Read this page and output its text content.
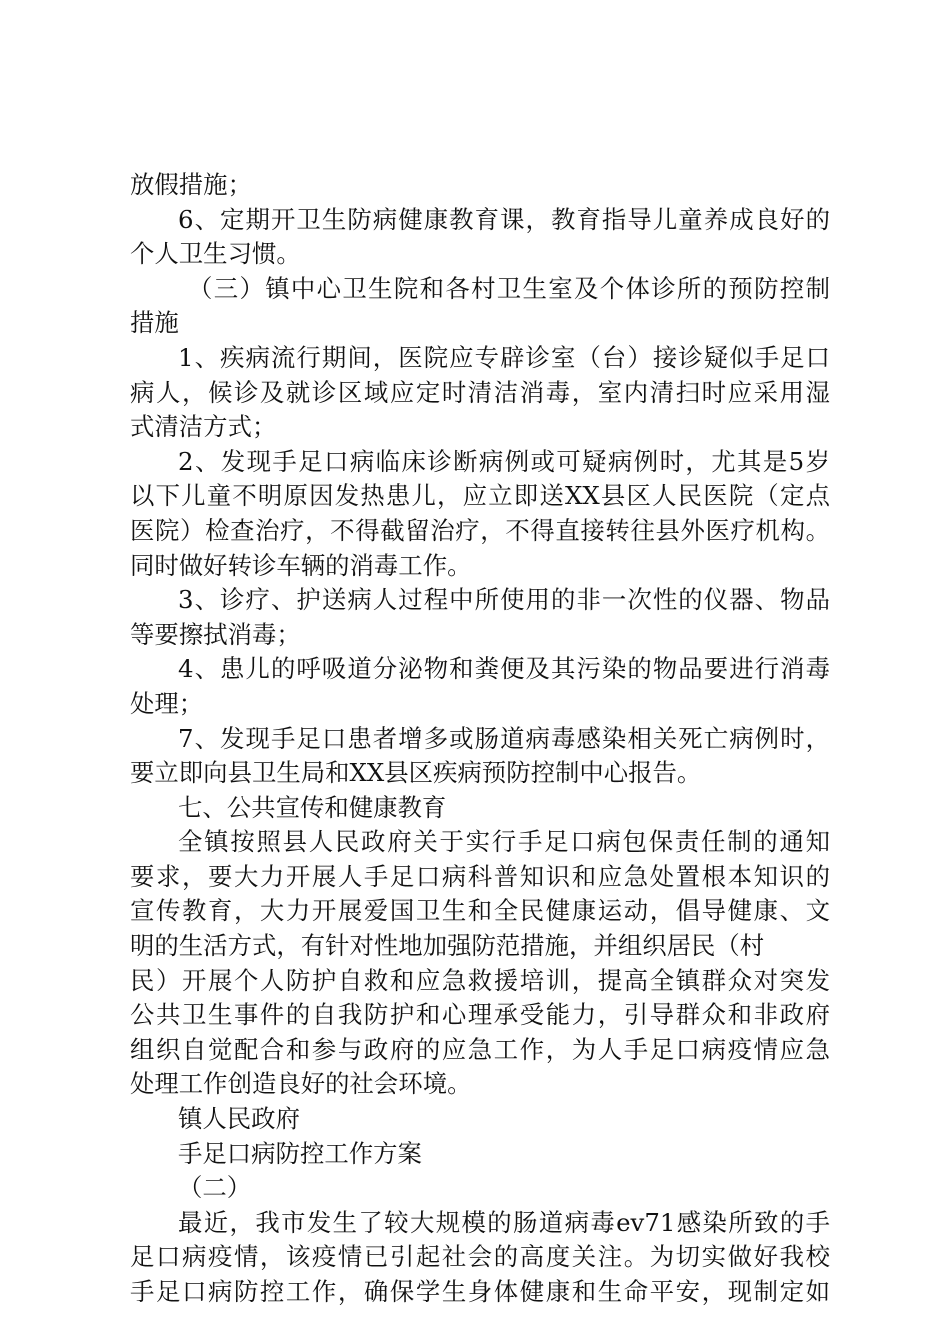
放假措施；
6、定期开卫生防病健康教育课，教育指导儿童养成良好的
个人卫生习惯。
（三）镇中心卫生院和各村卫生室及个体诊所的预防控制
措施
1、疾病流行期间，医院应专辟诊室（台）接诊疑似手足口
病人，候诊及就诊区域应定时清洁消毒，室内清扫时应采用湿
式清洁方式；
2、发现手足口病临床诊断病例或可疑病例时，尤其是5岁
以下儿童不明原因发热患儿，应立即送XX县区人民医院（定点
医院）检查治疗，不得截留治疗，不得直接转往县外医疗机构。
同时做好转诊车辆的消毒工作。
3、诊疗、护送病人过程中所使用的非一次性的仪器、物品
等要擦拭消毒；
4、患儿的呼吸道分泌物和粪便及其污染的物品要进行消毒
处理；
7、发现手足口患者增多或肠道病毒感染相关死亡病例时，
要立即向县卫生局和XX县区疾病预防控制中心报告。
七、公共宣传和健康教育
全镇按照县人民政府关于实行手足口病包保责任制的通知
要求，要大力开展人手足口病科普知识和应急处置根本知识的
宣传教育，大力开展爱国卫生和全民健康运动，倡导健康、文
明的生活方式，有针对性地加强防范措施，并组织居民（村
民）开展个人防护自救和应急救援培训，提高全镇群众对突发
公共卫生事件的自我防护和心理承受能力，引导群众和非政府
组织自觉配合和参与政府的应急工作，为人手足口病疫情应急
处理工作创造良好的社会环境。
镇人民政府
手足口病防控工作方案
（二）
最近，我市发生了较大规模的肠道病毒ev71感染所致的手
足口病疫情，该疫情已引起社会的高度关注。为切实做好我校
手足口病防控工作，确保学生身体健康和生命平安，现制定如
